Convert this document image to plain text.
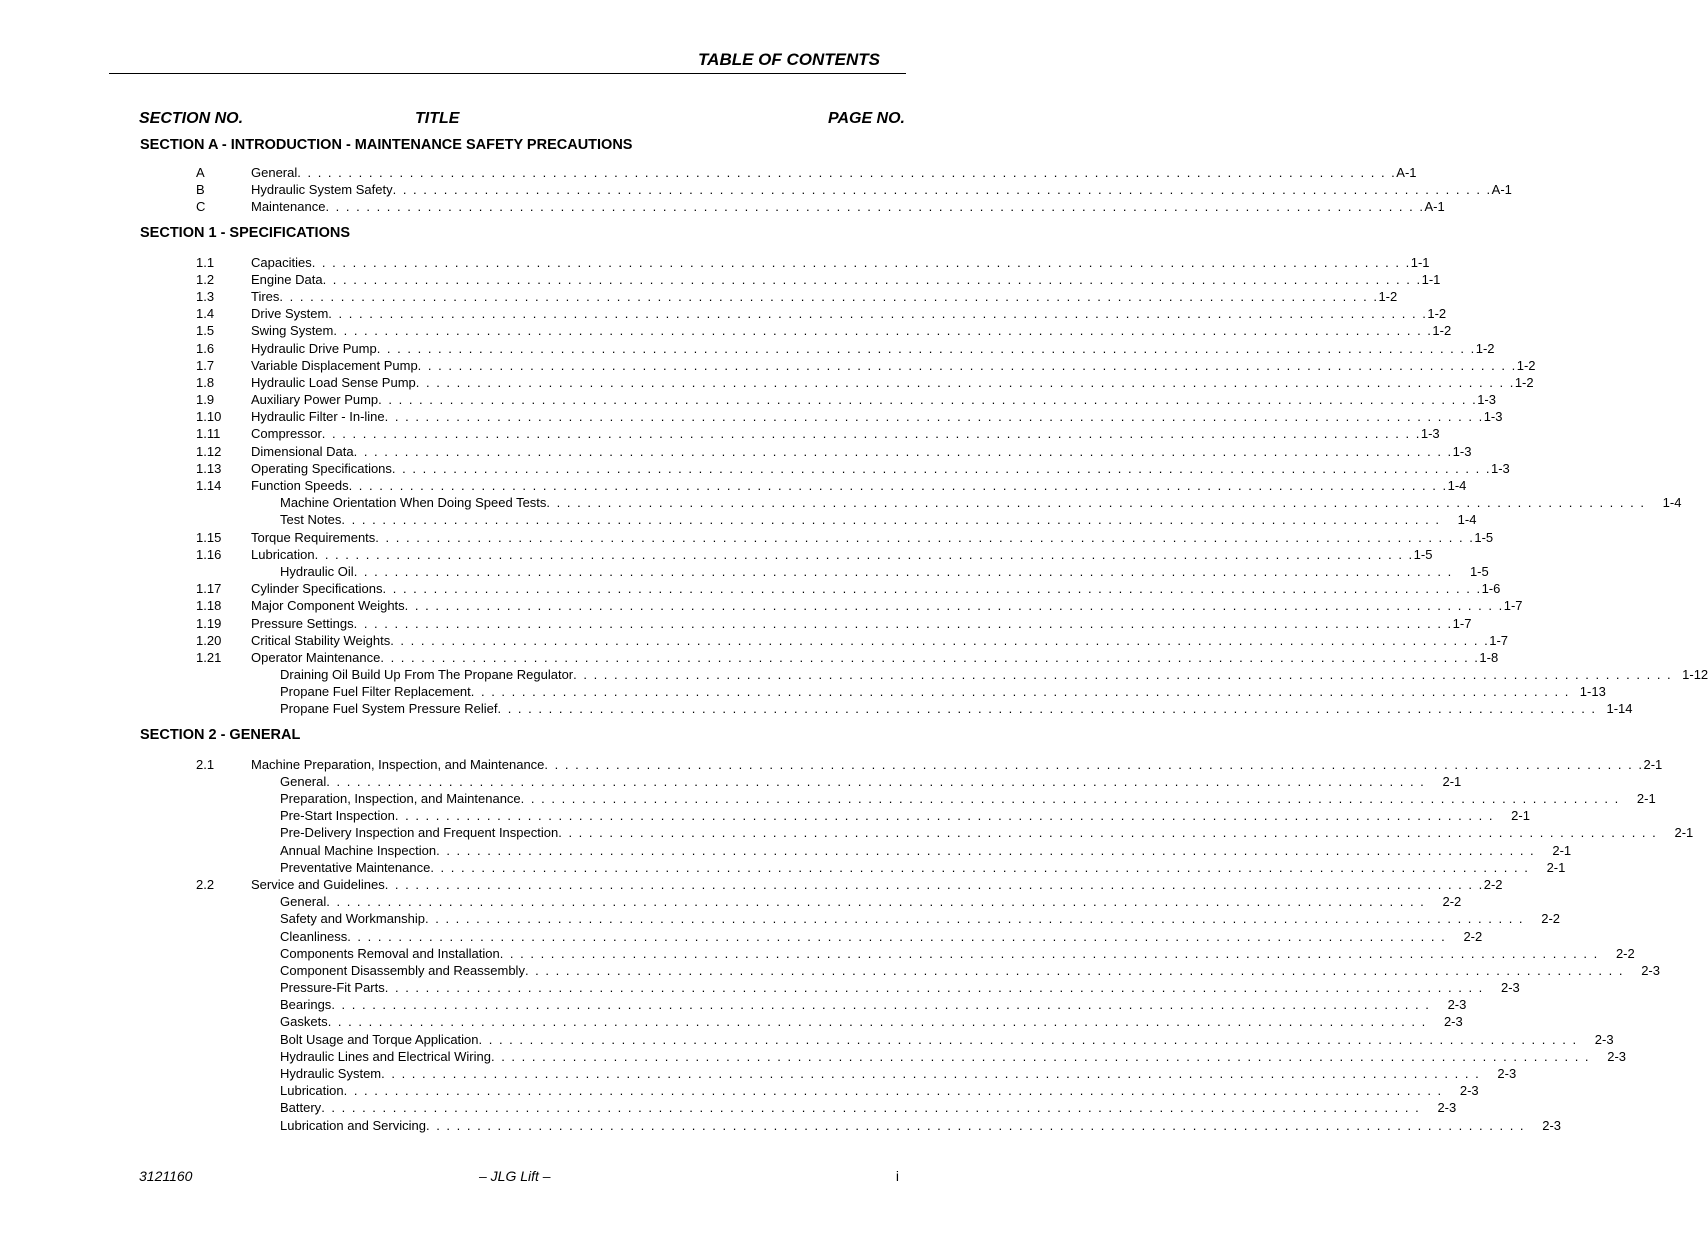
TABLE OF CONTENTS
SECTION NO.	TITLE	PAGE NO.
SECTION A - INTRODUCTION - MAINTENANCE SAFETY PRECAUTIONS
A	General . . . . . . . . . . . . . . . . . . . . . . . . . . . . . . . . . . . . . . . . . . . . . . . . . . . . . . . . . . . . . . . . . . . . . . . . . . . . . . . . . . . . . . . . . . . . . . . . . . . . . . . . . . . . A-1
B	Hydraulic System Safety . . . . . . . . . . . . . . . . . . . . . . . . . . . . . . . . . . . . . . . . . . . . . . . . . . . . . . . . . . . . . . . . . . . . . . . . . . . . . . . . . . . . . . . . . . . . . . . . . . . . . . . . . . . . A-1
C	Maintenance . . . . . . . . . . . . . . . . . . . . . . . . . . . . . . . . . . . . . . . . . . . . . . . . . . . . . . . . . . . . . . . . . . . . . . . . . . . . . . . . . . . . . . . . . . . . . . . . . . . . . . . . . . . . A-1
SECTION 1 - SPECIFICATIONS
1.1	Capacities . . . . . . . . . . . . . . . . . . . . . . . . . . . . . . . . . . . . . . . . . . . . . . . . . . . . . . . . . . . . . . . . . . . . . . . . . . . . . . . . . . . . . . . . . . . . . . . . . . . . . . . . . . . . 1-1
1.2	Engine Data . . . . . . . . . . . . . . . . . . . . . . . . . . . . . . . . . . . . . . . . . . . . . . . . . . . . . . . . . . . . . . . . . . . . . . . . . . . . . . . . . . . . . . . . . . . . . . . . . . . . . . . . . . . . 1-1
1.3	Tires . . . . . . . . . . . . . . . . . . . . . . . . . . . . . . . . . . . . . . . . . . . . . . . . . . . . . . . . . . . . . . . . . . . . . . . . . . . . . . . . . . . . . . . . . . . . . . . . . . . . . . . . . . . . 1-2
1.4	Drive System . . . . . . . . . . . . . . . . . . . . . . . . . . . . . . . . . . . . . . . . . . . . . . . . . . . . . . . . . . . . . . . . . . . . . . . . . . . . . . . . . . . . . . . . . . . . . . . . . . . . . . . . . . . . 1-2
1.5	Swing System . . . . . . . . . . . . . . . . . . . . . . . . . . . . . . . . . . . . . . . . . . . . . . . . . . . . . . . . . . . . . . . . . . . . . . . . . . . . . . . . . . . . . . . . . . . . . . . . . . . . . . . . . . . . 1-2
1.6	Hydraulic Drive Pump . . . . . . . . . . . . . . . . . . . . . . . . . . . . . . . . . . . . . . . . . . . . . . . . . . . . . . . . . . . . . . . . . . . . . . . . . . . . . . . . . . . . . . . . . . . . . . . . . . . . . . . . . . . . 1-2
1.7	Variable Displacement Pump . . . . . . . . . . . . . . . . . . . . . . . . . . . . . . . . . . . . . . . . . . . . . . . . . . . . . . . . . . . . . . . . . . . . . . . . . . . . . . . . . . . . . . . . . . . . . . . . . . . . . . . . . . . . 1-2
1.8	Hydraulic Load Sense Pump . . . . . . . . . . . . . . . . . . . . . . . . . . . . . . . . . . . . . . . . . . . . . . . . . . . . . . . . . . . . . . . . . . . . . . . . . . . . . . . . . . . . . . . . . . . . . . . . . . . . . . . . . . . . 1-2
1.9	Auxiliary Power Pump . . . . . . . . . . . . . . . . . . . . . . . . . . . . . . . . . . . . . . . . . . . . . . . . . . . . . . . . . . . . . . . . . . . . . . . . . . . . . . . . . . . . . . . . . . . . . . . . . . . . . . . . . . . . 1-3
1.10 Hydraulic Filter - In-line . . . . . . . . . . . . . . . . . . . . . . . . . . . . . . . . . . . . . . . . . . . . . . . . . . . . . . . . . . . . . . . . . . . . . . . . . . . . . . . . . . . . . . . . . . . . . . . . . . . . . . . . . . . . 1-3
1.11 Compressor . . . . . . . . . . . . . . . . . . . . . . . . . . . . . . . . . . . . . . . . . . . . . . . . . . . . . . . . . . . . . . . . . . . . . . . . . . . . . . . . . . . . . . . . . . . . . . . . . . . . . . . . . . . . 1-3
1.12 Dimensional Data . . . . . . . . . . . . . . . . . . . . . . . . . . . . . . . . . . . . . . . . . . . . . . . . . . . . . . . . . . . . . . . . . . . . . . . . . . . . . . . . . . . . . . . . . . . . . . . . . . . . . . . . . . . . 1-3
1.13 Operating Specifications . . . . . . . . . . . . . . . . . . . . . . . . . . . . . . . . . . . . . . . . . . . . . . . . . . . . . . . . . . . . . . . . . . . . . . . . . . . . . . . . . . . . . . . . . . . . . . . . . . . . . . . . . . . . 1-3
1.14 Function Speeds . . . . . . . . . . . . . . . . . . . . . . . . . . . . . . . . . . . . . . . . . . . . . . . . . . . . . . . . . . . . . . . . . . . . . . . . . . . . . . . . . . . . . . . . . . . . . . . . . . . . . . . . . . . . 1-4
Machine Orientation When Doing Speed Tests . . . . . . . . . . . . . . . . . . . . . . . . . . . . . . . . . . . . . . . . . . . . . . . . . . . . . . . . . . . . . . . . . . . . . . . . . . . . . . . . . . . . . . . . . . . . . . . . . . . . . . . . . . . .	1-4
Test Notes . . . . . . . . . . . . . . . . . . . . . . . . . . . . . . . . . . . . . . . . . . . . . . . . . . . . . . . . . . . . . . . . . . . . . . . . . . . . . . . . . . . . . . . . . . . . . . . . . . . . . . . . . . . .	1-4
1.15 Torque Requirements . . . . . . . . . . . . . . . . . . . . . . . . . . . . . . . . . . . . . . . . . . . . . . . . . . . . . . . . . . . . . . . . . . . . . . . . . . . . . . . . . . . . . . . . . . . . . . . . . . . . . . . . . . . . 1-5
1.16 Lubrication . . . . . . . . . . . . . . . . . . . . . . . . . . . . . . . . . . . . . . . . . . . . . . . . . . . . . . . . . . . . . . . . . . . . . . . . . . . . . . . . . . . . . . . . . . . . . . . . . . . . . . . . . . . . 1-5
Hydraulic Oil . . . . . . . . . . . . . . . . . . . . . . . . . . . . . . . . . . . . . . . . . . . . . . . . . . . . . . . . . . . . . . . . . . . . . . . . . . . . . . . . . . . . . . . . . . . . . . . . . . . . . . . . . . . .	1-5
1.17 Cylinder Specifications . . . . . . . . . . . . . . . . . . . . . . . . . . . . . . . . . . . . . . . . . . . . . . . . . . . . . . . . . . . . . . . . . . . . . . . . . . . . . . . . . . . . . . . . . . . . . . . . . . . . . . . . . . . . 1-6
1.18 Major Component Weights . . . . . . . . . . . . . . . . . . . . . . . . . . . . . . . . . . . . . . . . . . . . . . . . . . . . . . . . . . . . . . . . . . . . . . . . . . . . . . . . . . . . . . . . . . . . . . . . . . . . . . . . . . . . 1-7
1.19 Pressure Settings . . . . . . . . . . . . . . . . . . . . . . . . . . . . . . . . . . . . . . . . . . . . . . . . . . . . . . . . . . . . . . . . . . . . . . . . . . . . . . . . . . . . . . . . . . . . . . . . . . . . . . . . . . . . 1-7
1.20 Critical Stability Weights . . . . . . . . . . . . . . . . . . . . . . . . . . . . . . . . . . . . . . . . . . . . . . . . . . . . . . . . . . . . . . . . . . . . . . . . . . . . . . . . . . . . . . . . . . . . . . . . . . . . . . . . . . . . 1-7
1.21 Operator Maintenance . . . . . . . . . . . . . . . . . . . . . . . . . . . . . . . . . . . . . . . . . . . . . . . . . . . . . . . . . . . . . . . . . . . . . . . . . . . . . . . . . . . . . . . . . . . . . . . . . . . . . . . . . . . . 1-8
Draining Oil Build Up From The Propane Regulator . . . . . . . . . . . . . . . . . . . . . . . . . . . . . . . . . . . . . . . . . . . . . . . . . . . . . . . . . . . . . . . . . . . . . . . . . . . . . . . . . . . . . . . . . . . . . . . . . . . . . . . . . . . . 1-12
Propane Fuel Filter Replacement . . . . . . . . . . . . . . . . . . . . . . . . . . . . . . . . . . . . . . . . . . . . . . . . . . . . . . . . . . . . . . . . . . . . . . . . . . . . . . . . . . . . . . . . . . . . . . . . . . . . . . . . . . . . 1-13
Propane Fuel System Pressure Relief . . . . . . . . . . . . . . . . . . . . . . . . . . . . . . . . . . . . . . . . . . . . . . . . . . . . . . . . . . . . . . . . . . . . . . . . . . . . . . . . . . . . . . . . . . . . . . . . . . . . . . . . . . . . 1-14
SECTION 2 - GENERAL
2.1	Machine Preparation, Inspection, and Maintenance . . . . . . . . . . . . . . . . . . . . . . . . . . . . . . . . . . . . . . . . . . . . . . . . . . . . . . . . . . . . . . . . . . . . . . . . . . . . . . . . . . . . . . . . . . . . . . . . . . . . . . . . . . . . 2-1
General . . . . . . . . . . . . . . . . . . . . . . . . . . . . . . . . . . . . . . . . . . . . . . . . . . . . . . . . . . . . . . . . . . . . . . . . . . . . . . . . . . . . . . . . . . . . . . . . . . . . . . . . . . . .	2-1
Preparation, Inspection, and Maintenance . . . . . . . . . . . . . . . . . . . . . . . . . . . . . . . . . . . . . . . . . . . . . . . . . . . . . . . . . . . . . . . . . . . . . . . . . . . . . . . . . . . . . . . . . . . . . . . . . . . . . . . . . . . .	2-1
Pre-Start Inspection . . . . . . . . . . . . . . . . . . . . . . . . . . . . . . . . . . . . . . . . . . . . . . . . . . . . . . . . . . . . . . . . . . . . . . . . . . . . . . . . . . . . . . . . . . . . . . . . . . . . . . . . . . . .	2-1
Pre-Delivery Inspection and Frequent Inspection . . . . . . . . . . . . . . . . . . . . . . . . . . . . . . . . . . . . . . . . . . . . . . . . . . . . . . . . . . . . . . . . . . . . . . . . . . . . . . . . . . . . . . . . . . . . . . . . . . . . . . . . . . . .	2-1
Annual Machine Inspection . . . . . . . . . . . . . . . . . . . . . . . . . . . . . . . . . . . . . . . . . . . . . . . . . . . . . . . . . . . . . . . . . . . . . . . . . . . . . . . . . . . . . . . . . . . . . . . . . . . . . . . . . . . .	2-1
Preventative Maintenance . . . . . . . . . . . . . . . . . . . . . . . . . . . . . . . . . . . . . . . . . . . . . . . . . . . . . . . . . . . . . . . . . . . . . . . . . . . . . . . . . . . . . . . . . . . . . . . . . . . . . . . . . . . .	2-1
2.2	Service and Guidelines . . . . . . . . . . . . . . . . . . . . . . . . . . . . . . . . . . . . . . . . . . . . . . . . . . . . . . . . . . . . . . . . . . . . . . . . . . . . . . . . . . . . . . . . . . . . . . . . . . . . . . . . . . . . 2-2
General . . . . . . . . . . . . . . . . . . . . . . . . . . . . . . . . . . . . . . . . . . . . . . . . . . . . . . . . . . . . . . . . . . . . . . . . . . . . . . . . . . . . . . . . . . . . . . . . . . . . . . . . . . . .	2-2
Safety and Workmanship . . . . . . . . . . . . . . . . . . . . . . . . . . . . . . . . . . . . . . . . . . . . . . . . . . . . . . . . . . . . . . . . . . . . . . . . . . . . . . . . . . . . . . . . . . . . . . . . . . . . . . . . . . . .	2-2
Cleanliness . . . . . . . . . . . . . . . . . . . . . . . . . . . . . . . . . . . . . . . . . . . . . . . . . . . . . . . . . . . . . . . . . . . . . . . . . . . . . . . . . . . . . . . . . . . . . . . . . . . . . . . . . . . .	2-2
Components Removal and Installation . . . . . . . . . . . . . . . . . . . . . . . . . . . . . . . . . . . . . . . . . . . . . . . . . . . . . . . . . . . . . . . . . . . . . . . . . . . . . . . . . . . . . . . . . . . . . . . . . . . . . . . . . . . .	2-2
Component Disassembly and Reassembly . . . . . . . . . . . . . . . . . . . . . . . . . . . . . . . . . . . . . . . . . . . . . . . . . . . . . . . . . . . . . . . . . . . . . . . . . . . . . . . . . . . . . . . . . . . . . . . . . . . . . . . . . . . .	2-3
Pressure-Fit Parts . . . . . . . . . . . . . . . . . . . . . . . . . . . . . . . . . . . . . . . . . . . . . . . . . . . . . . . . . . . . . . . . . . . . . . . . . . . . . . . . . . . . . . . . . . . . . . . . . . . . . . . . . . . .	2-3
Bearings . . . . . . . . . . . . . . . . . . . . . . . . . . . . . . . . . . . . . . . . . . . . . . . . . . . . . . . . . . . . . . . . . . . . . . . . . . . . . . . . . . . . . . . . . . . . . . . . . . . . . . . . . . . .	2-3
Gaskets . . . . . . . . . . . . . . . . . . . . . . . . . . . . . . . . . . . . . . . . . . . . . . . . . . . . . . . . . . . . . . . . . . . . . . . . . . . . . . . . . . . . . . . . . . . . . . . . . . . . . . . . . . . .	2-3
Bolt Usage and Torque Application . . . . . . . . . . . . . . . . . . . . . . . . . . . . . . . . . . . . . . . . . . . . . . . . . . . . . . . . . . . . . . . . . . . . . . . . . . . . . . . . . . . . . . . . . . . . . . . . . . . . . . . . . . . .	2-3
Hydraulic Lines and Electrical Wiring . . . . . . . . . . . . . . . . . . . . . . . . . . . . . . . . . . . . . . . . . . . . . . . . . . . . . . . . . . . . . . . . . . . . . . . . . . . . . . . . . . . . . . . . . . . . . . . . . . . . . . . . . . . .	2-3
Hydraulic System . . . . . . . . . . . . . . . . . . . . . . . . . . . . . . . . . . . . . . . . . . . . . . . . . . . . . . . . . . . . . . . . . . . . . . . . . . . . . . . . . . . . . . . . . . . . . . . . . . . . . . . . . . . .	2-3
Lubrication . . . . . . . . . . . . . . . . . . . . . . . . . . . . . . . . . . . . . . . . . . . . . . . . . . . . . . . . . . . . . . . . . . . . . . . . . . . . . . . . . . . . . . . . . . . . . . . . . . . . . . . . . . . .	2-3
Battery . . . . . . . . . . . . . . . . . . . . . . . . . . . . . . . . . . . . . . . . . . . . . . . . . . . . . . . . . . . . . . . . . . . . . . . . . . . . . . . . . . . . . . . . . . . . . . . . . . . . . . . . . . . .	2-3
Lubrication and Servicing . . . . . . . . . . . . . . . . . . . . . . . . . . . . . . . . . . . . . . . . . . . . . . . . . . . . . . . . . . . . . . . . . . . . . . . . . . . . . . . . . . . . . . . . . . . . . . . . . . . . . . . . . . . .	2-3
3121160	– JLG Lift –	i
